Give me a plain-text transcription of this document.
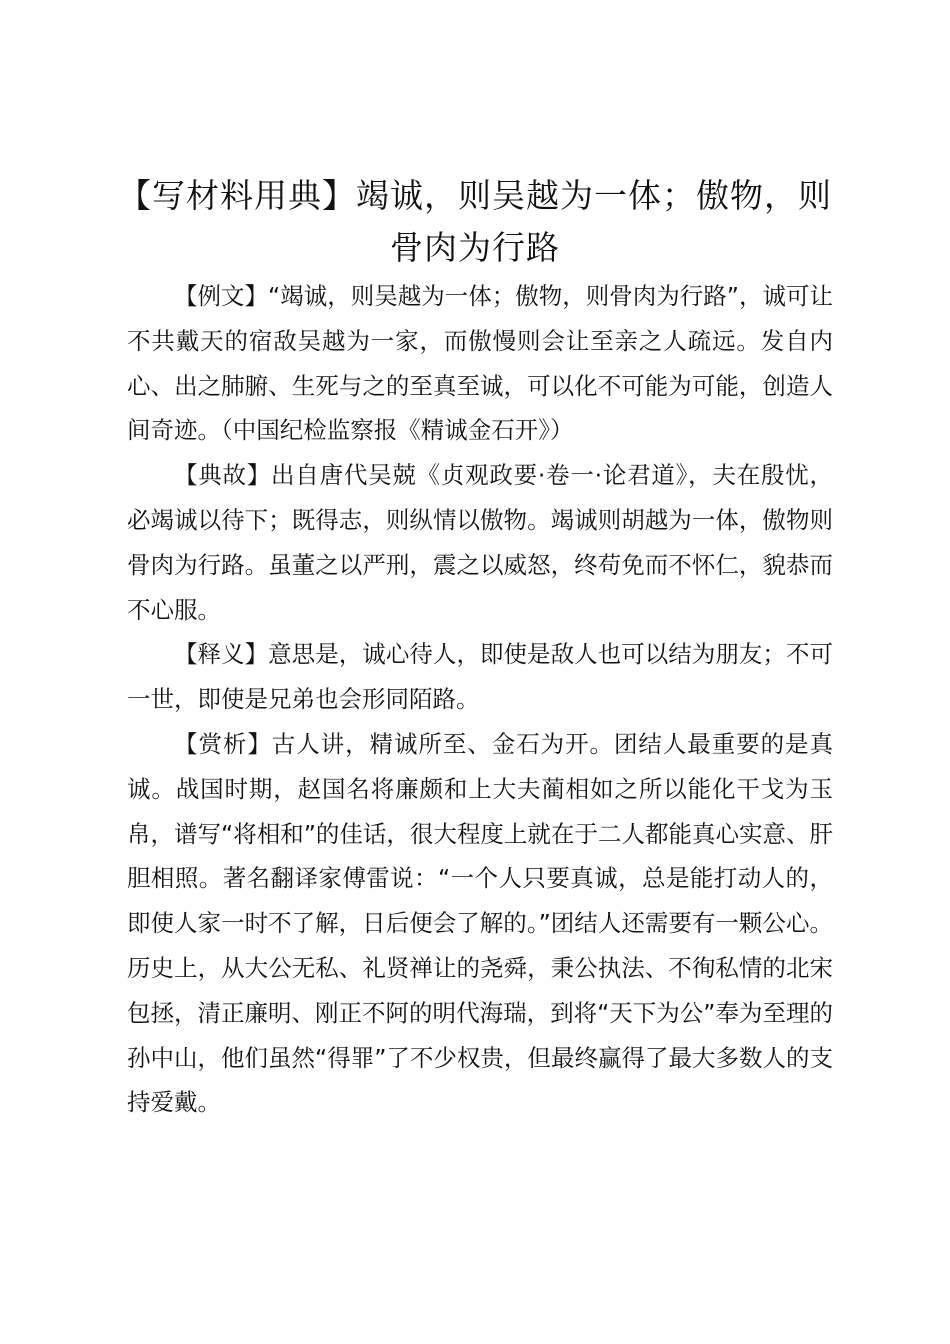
【写材料用典】竭诚，则吴越为一体；傲物，则骨肉为行路

【例文】“竭诚，则吴越为一体；傲物，则骨肉为行路”，诚可让不共戴天的宿敌吴越为一家，而傲慢则会让至亲之人疏远。发自内心、出之肺腑、生死与之的至真至诚，可以化不可能为可能，创造人间奇迹。（中国纪检监察报《精诚金石开》）

【典故】出自唐代吴兢《贞观政要·卷一·论君道》，夫在殷忧，必竭诚以待下；既得志，则纵情以傲物。竭诚则胡越为一体，傲物则骨肉为行路。虽董之以严刑，震之以威怒，终苟免而不怀仁，貌恭而不心服。

【释义】意思是，诚心待人，即使是敌人也可以结为朋友；不可一世，即使是兄弟也会形同陌路。

【赏析】古人讲，精诚所至、金石为开。团结人最重要的是真诚。战国时期，赵国名将廉颇和上大夫蔺相如之所以能化干戈为玉帛，谱写“将相和”的佳话，很大程度上就在于二人都能真心实意、肝胆相照。著名翻译家傅雷说：“一个人只要真诚，总是能打动人的，即使人家一时不了解，日后便会了解的。”团结人还需要有一颗公心。历史上，从大公无私、礼贤禅让的尧舜，秉公执法、不徇私情的北宋包拯，清正廉明、刚正不阿的明代海瑞，到将“天下为公”奉为至理的孙中山，他们虽然“得罪”了不少权贵，但最终赢得了最大多数人的支持爱戴。
